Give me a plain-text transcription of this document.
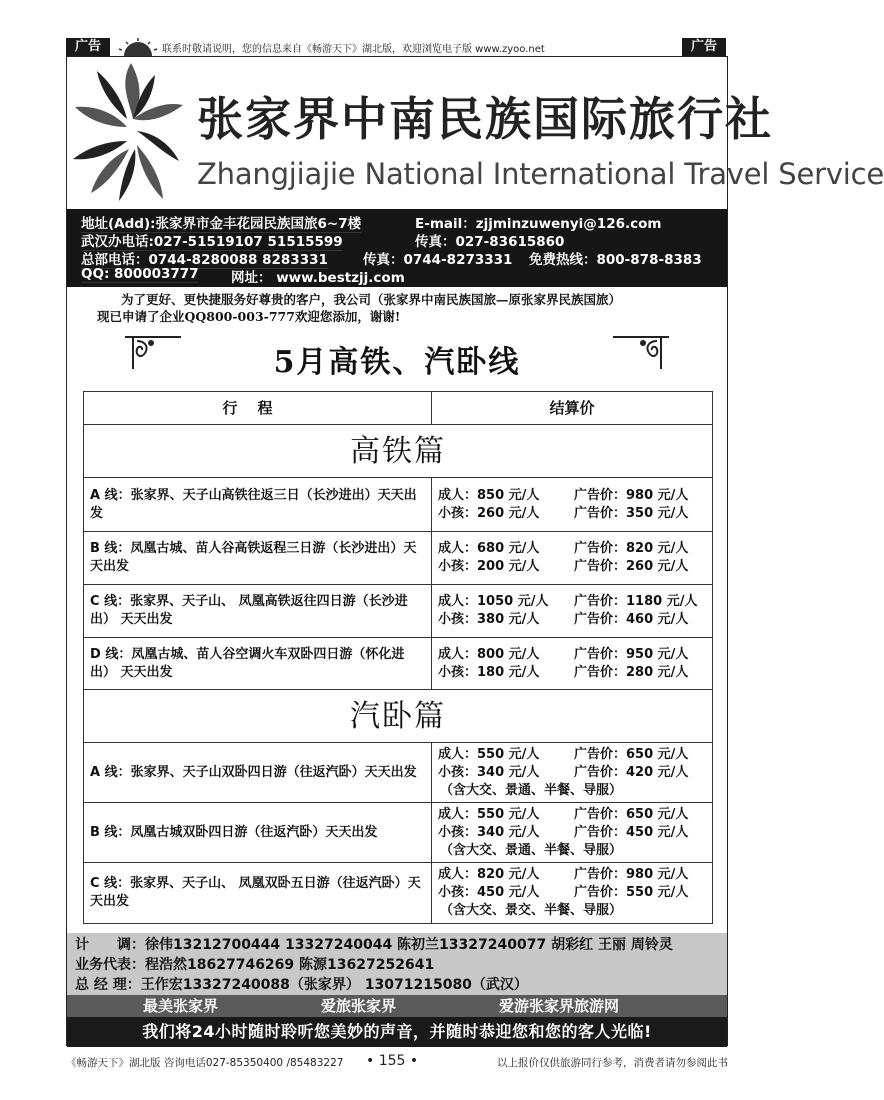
广告	联系时敬请说明，您的信息来自《畅游天下》湖北版，欢迎浏览电子版 www.zyoo.net	广告
张家界中南民族国际旅行社
Zhangjiajie National International Travel Service
地址(Add):张家界市金丰花园民族国旅6~7楼	E-mail：zjjminzuwenyi@126.com
武汉办电话:027-51519107 51515599	传真：027-83615860
总部电话：0744-8280088 8283331	传真：0744-8273331 免费热线：800-878-8383
QQ: 800003777 网址： www.bestzjj.com
为了更好、更快捷服务好尊贵的客户，我公司（张家界中南民族国旅—原张家界民族国旅）
现已申请了企业QQ800-003-777欢迎您添加，谢谢!
5月高铁、汽卧线
行程	结算价
高铁篇
A 线：张家界、天子山高铁往返三日（长沙进出）天天出发
成人：850 元/人	广告价：980 元/人
小孩：260 元/人	广告价：350 元/人
B 线：凤凰古城、苗人谷高铁返程三日游（长沙进出）天天出发
成人：680 元/人	广告价：820 元/人
小孩：200 元/人	广告价：260 元/人
C 线：张家界、天子山、 凤凰高铁返往四日游（长沙进出） 天天出发
成人：1050 元/人	广告价：1180 元/人
小孩：380 元/人	广告价：460 元/人
D 线：凤凰古城、苗人谷空调火车双卧四日游（怀化进出） 天天出发
成人：800 元/人	广告价：950 元/人
小孩：180 元/人	广告价：280 元/人
汽卧篇
A 线：张家界、天子山双卧四日游（往返汽卧）天天出发
成人：550 元/人	广告价：650 元/人
小孩：340 元/人	广告价：420 元/人
（含大交、景通、半餐、导服）
B 线：凤凰古城双卧四日游（往返汽卧）天天出发
成人：550 元/人	广告价：650 元/人
小孩：340 元/人	广告价：450 元/人
（含大交、景通、半餐、导服）
C 线：张家界、天子山、 凤凰双卧五日游（往返汽卧）天天出发
成人：820 元/人	广告价：980 元/人
小孩：450 元/人	广告价：550 元/人
（含大交、景交、半餐、导服）
计　　调：徐伟13212700444 13327240044 陈初兰13327240077 胡彩红 王丽 周铃灵
业务代表：程浩然18627746269 陈源13627252641
总 经 理：王作宏13327240088（张家界） 13071215080（武汉）
最美张家界	爱旅张家界	爱游张家界旅游网
我们将24小时随时聆听您美妙的声音，并随时恭迎您和您的客人光临!
《畅游天下》湖北版 咨询电话027-85350400 /85483227 • 155 •	以上报价仅供旅游同行参考，消费者请勿参阅此书
